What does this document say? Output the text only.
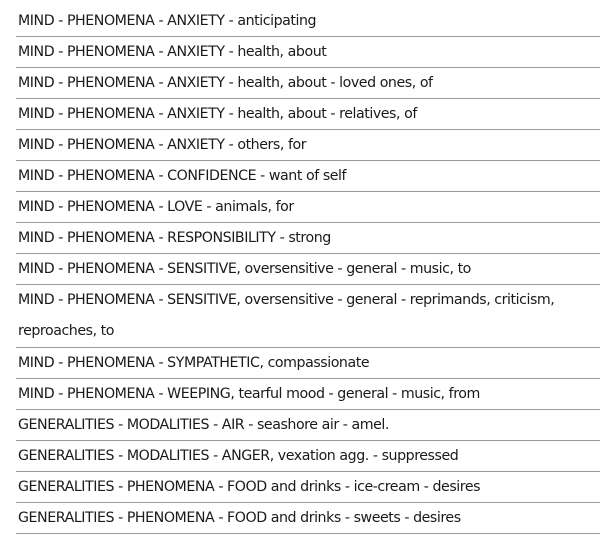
MIND - PHENOMENA - ANXIETY - anticipating
MIND - PHENOMENA - ANXIETY - health, about
MIND - PHENOMENA - ANXIETY - health, about - loved ones, of
MIND - PHENOMENA - ANXIETY - health, about - relatives, of
MIND - PHENOMENA - ANXIETY - others, for
MIND - PHENOMENA - CONFIDENCE - want of self
MIND - PHENOMENA - LOVE - animals, for
MIND - PHENOMENA - RESPONSIBILITY - strong
MIND - PHENOMENA - SENSITIVE, oversensitive - general - music, to
MIND - PHENOMENA - SENSITIVE, oversensitive - general - reprimands, criticism, reproaches, to
MIND - PHENOMENA - SYMPATHETIC, compassionate
MIND - PHENOMENA - WEEPING, tearful mood - general - music, from
GENERALITIES - MODALITIES - AIR - seashore air - amel.
GENERALITIES - MODALITIES - ANGER, vexation agg. - suppressed
GENERALITIES - PHENOMENA - FOOD and drinks - ice-cream - desires
GENERALITIES - PHENOMENA - FOOD and drinks - sweets - desires
